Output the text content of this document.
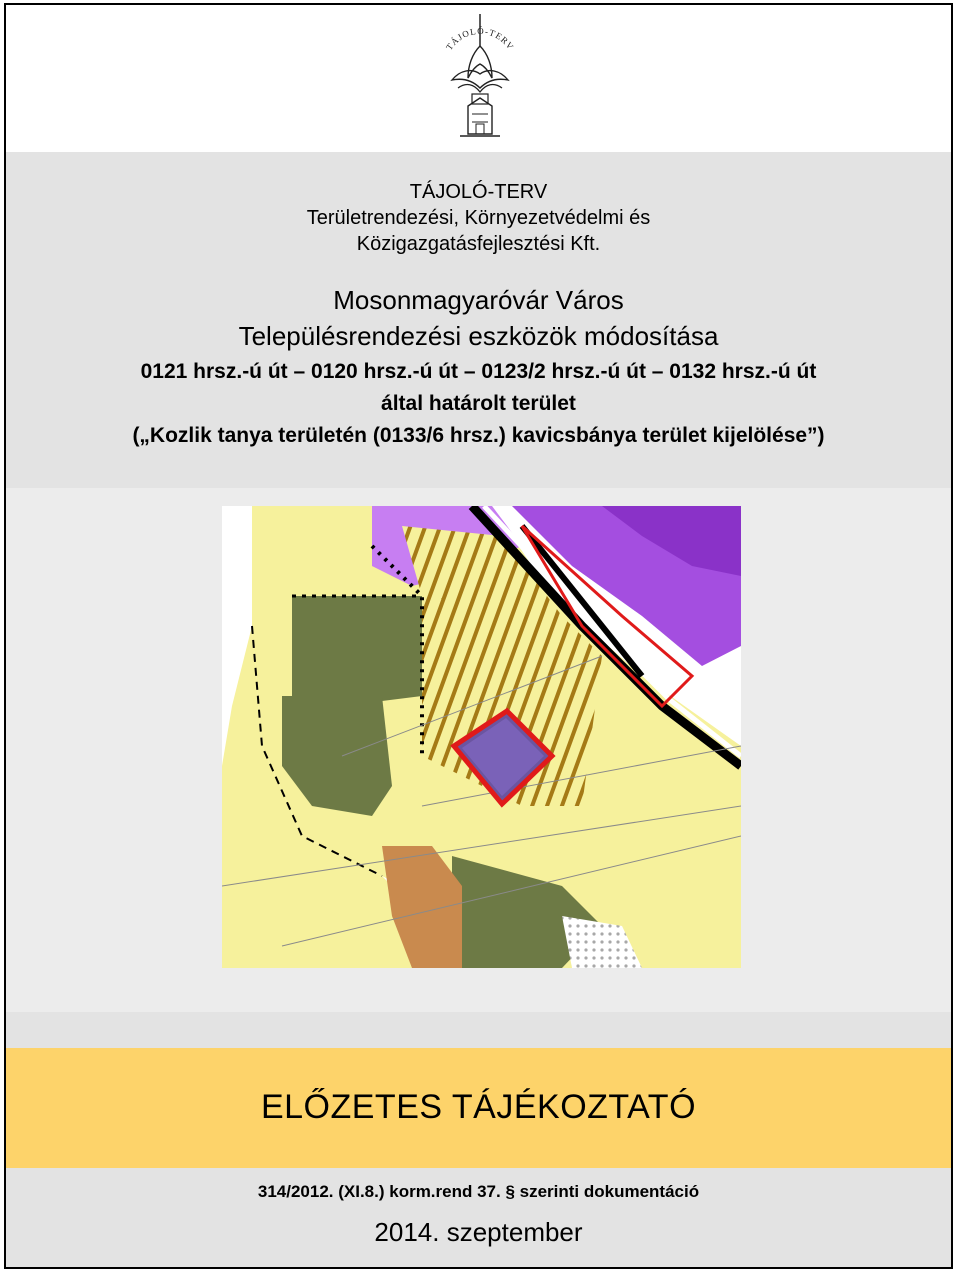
TÁJOLÓ-TERV
TÁJOLÓ-TERV
Területrendezési, Környezetvédelmi és
Közigazgatásfejlesztési Kft.
Mosonmagyaróvár Város
Településrendezési eszközök módosítása
0121 hrsz.-ú út – 0120 hrsz.-ú út – 0123/2 hrsz.-ú út – 0132 hrsz.-ú út
által határolt terület
(„Kozlik tanya területén (0133/6 hrsz.) kavicsbánya terület kijelölése”)
ELŐZETES TÁJÉKOZTATÓ
314/2012. (XI.8.) korm.rend 37. § szerinti dokumentáció
2014. szeptember
